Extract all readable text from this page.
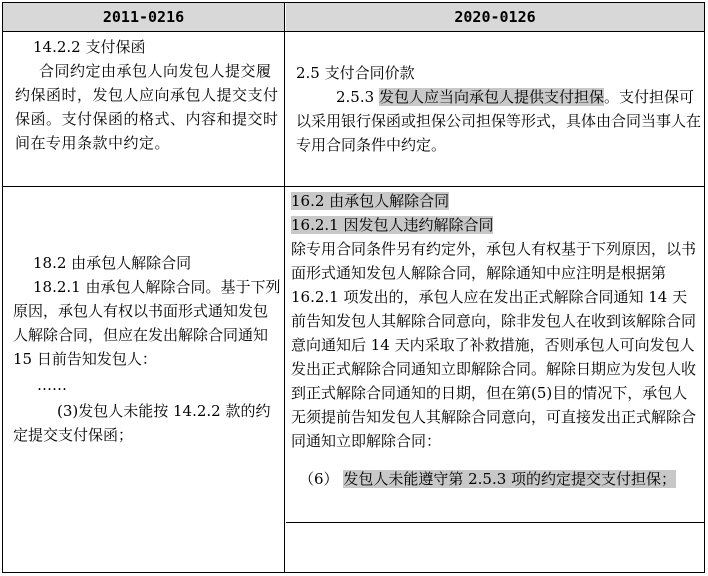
2011-0216	2020-0126

14.2.2 支付保函

合同约定由承包人向发包人提交履约保函时，发包人应向承包人提交支付保函。支付保函的格式、内容和提交时间在专用条款中约定。

2.5 支付合同价款

2.5.3 发包人应当向承包人提供支付担保。支付担保可以采用银行保函或担保公司担保等形式，具体由合同当事人在专用合同条件中约定。

18.2 由承包人解除合同

18.2.1 由承包人解除合同。基于下列原因，承包人有权以书面形式通知发包人解除合同，但应在发出解除合同通知 15 日前告知发包人：

……

(3)发包人未能按 14.2.2 款的约定提交支付保函；

16.2 由承包人解除合同

16.2.1 因发包人违约解除合同

除专用合同条件另有约定外，承包人有权基于下列原因，以书面形式通知发包人解除合同，解除通知中应注明是根据第 16.2.1 项发出的，承包人应在发出正式解除合同通知 14 天前告知发包人其解除合同意向，除非发包人在收到该解除合同意向通知后 14 天内采取了补救措施，否则承包人可向发包人发出正式解除合同通知立即解除合同。解除日期应为发包人收到正式解除合同通知的日期，但在第(5)目的情况下，承包人无须提前告知发包人其解除合同意向，可直接发出正式解除合同通知立即解除合同：

（6） 发包人未能遵守第 2.5.3 项的约定提交支付担保；
